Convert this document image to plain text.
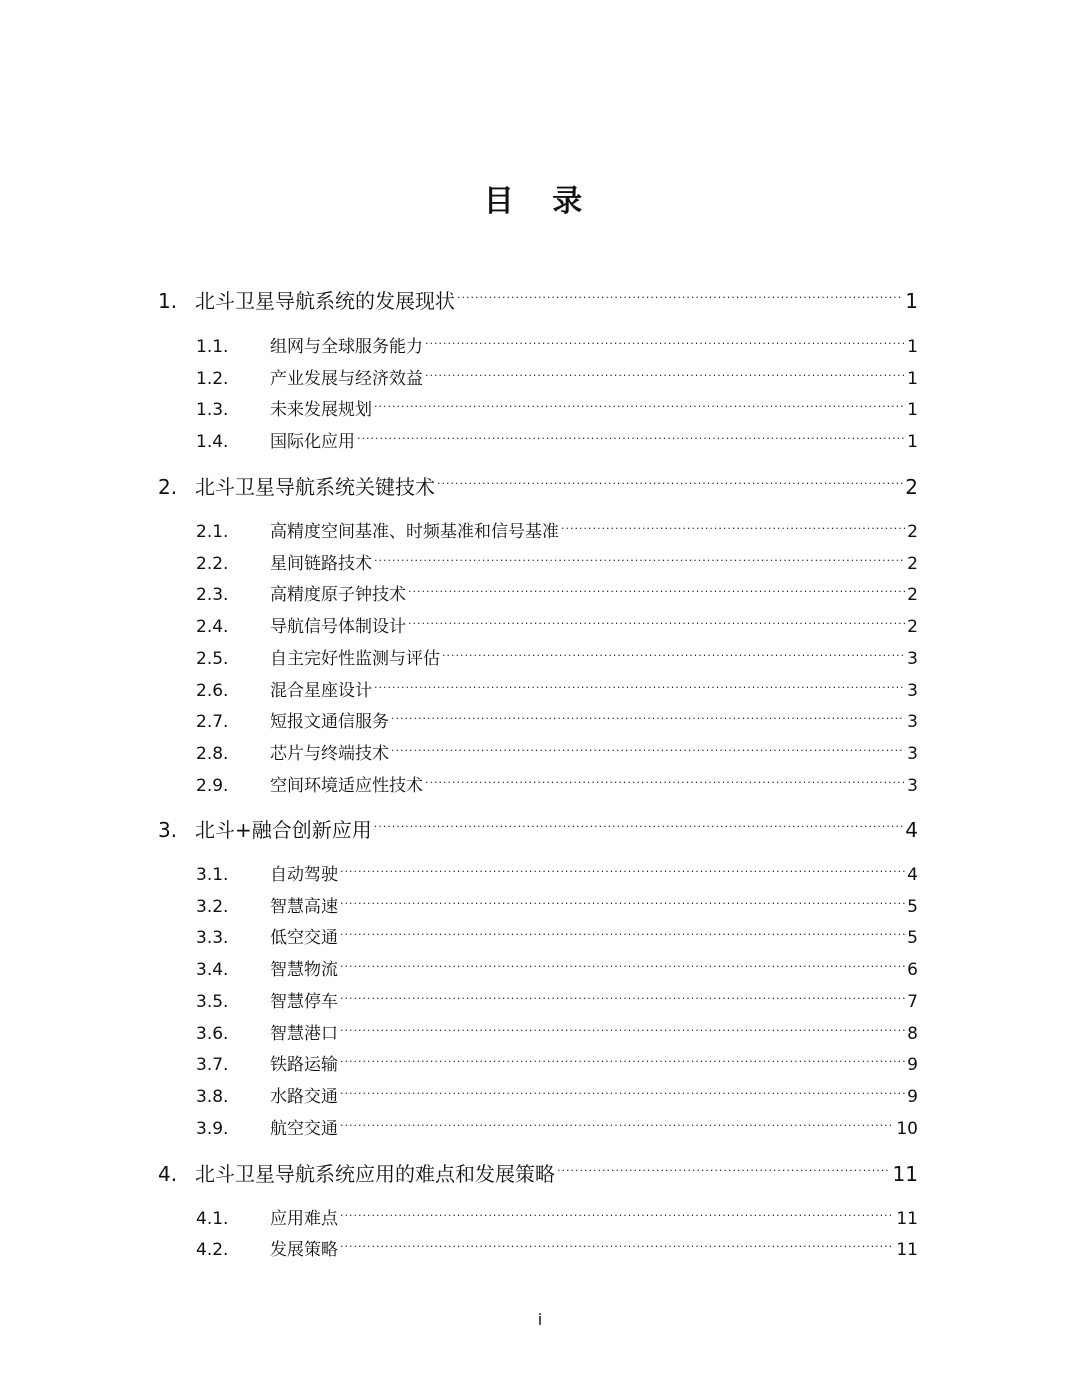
目 录
1. 北斗卫星导航系统的发展现状 .....	1
1.1.	组网与全球服务能力 .....	1
1.2.	产业发展与经济效益 .....	1
1.3.	未来发展规划 .....	1
1.4.	国际化应用 .....	1
2. 北斗卫星导航系统关键技术 .....	2
2.1.	高精度空间基准、时频基准和信号基准 .....	2
2.2.	星间链路技术 .....	2
2.3.	高精度原子钟技术 .....	2
2.4.	导航信号体制设计 .....	2
2.5.	自主完好性监测与评估 .....	3
2.6.	混合星座设计 .....	3
2.7.	短报文通信服务 .....	3
2.8.	芯片与终端技术 .....	3
2.9.	空间环境适应性技术 .....	3
3. 北斗+融合创新应用 .....	4
3.1.	自动驾驶 .....	4
3.2.	智慧高速 .....	5
3.3.	低空交通 .....	5
3.4.	智慧物流 .....	6
3.5.	智慧停车 .....	7
3.6.	智慧港口 .....	8
3.7.	铁路运输 .....	9
3.8.	水路交通 .....	9
3.9.	航空交通 .....	10
4. 北斗卫星导航系统应用的难点和发展策略 .....	11
4.1.	应用难点 .....	11
4.2.	发展策略 .....	11
i
